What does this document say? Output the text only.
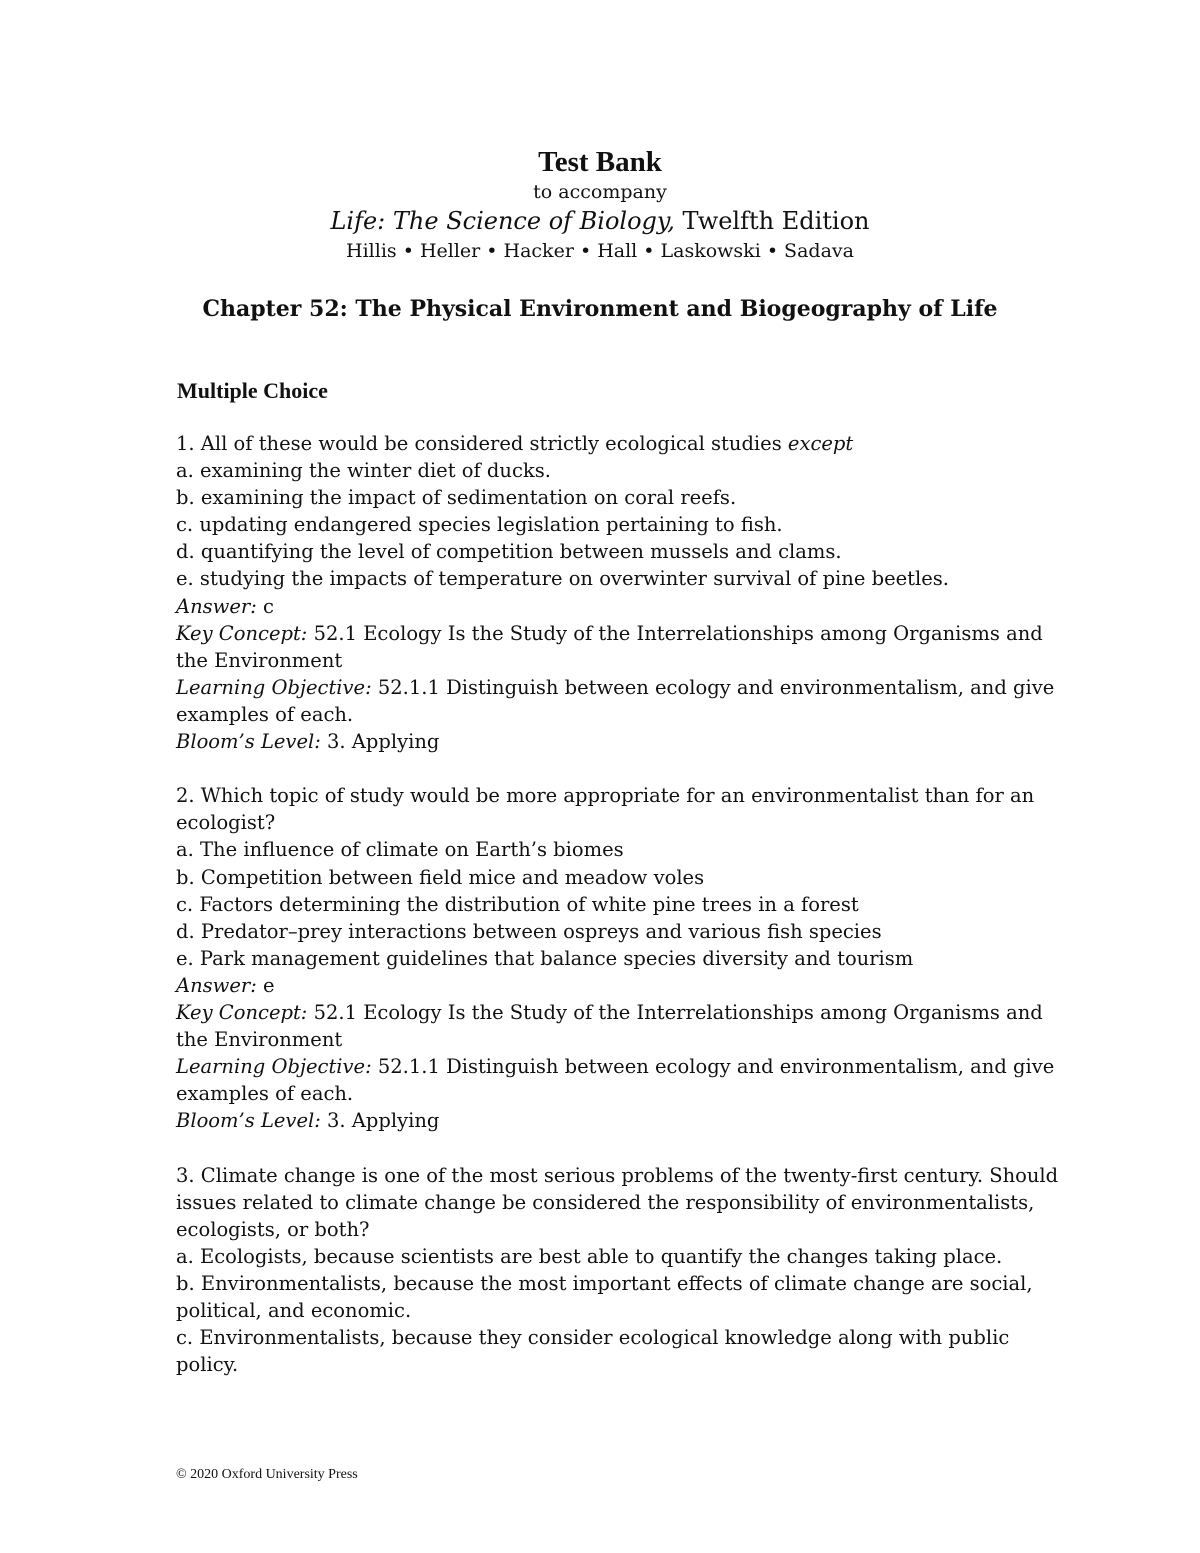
Test Bank
to accompany
Life: The Science of Biology, Twelfth Edition
Hillis • Heller • Hacker • Hall • Laskowski • Sadava
Chapter 52: The Physical Environment and Biogeography of Life
Multiple Choice
1. All of these would be considered strictly ecological studies except
a. examining the winter diet of ducks.
b. examining the impact of sedimentation on coral reefs.
c. updating endangered species legislation pertaining to fish.
d. quantifying the level of competition between mussels and clams.
e. studying the impacts of temperature on overwinter survival of pine beetles.
Answer: c
Key Concept: 52.1 Ecology Is the Study of the Interrelationships among Organisms and
the Environment
Learning Objective: 52.1.1 Distinguish between ecology and environmentalism, and give
examples of each.
Bloom’s Level: 3. Applying
2. Which topic of study would be more appropriate for an environmentalist than for an
ecologist?
a. The influence of climate on Earth’s biomes
b. Competition between field mice and meadow voles
c. Factors determining the distribution of white pine trees in a forest
d. Predator–prey interactions between ospreys and various fish species
e. Park management guidelines that balance species diversity and tourism
Answer: e
Key Concept: 52.1 Ecology Is the Study of the Interrelationships among Organisms and
the Environment
Learning Objective: 52.1.1 Distinguish between ecology and environmentalism, and give
examples of each.
Bloom’s Level: 3. Applying
3. Climate change is one of the most serious problems of the twenty-first century. Should
issues related to climate change be considered the responsibility of environmentalists,
ecologists, or both?
a. Ecologists, because scientists are best able to quantify the changes taking place.
b. Environmentalists, because the most important effects of climate change are social,
political, and economic.
c. Environmentalists, because they consider ecological knowledge along with public
policy.
© 2020 Oxford University Press
